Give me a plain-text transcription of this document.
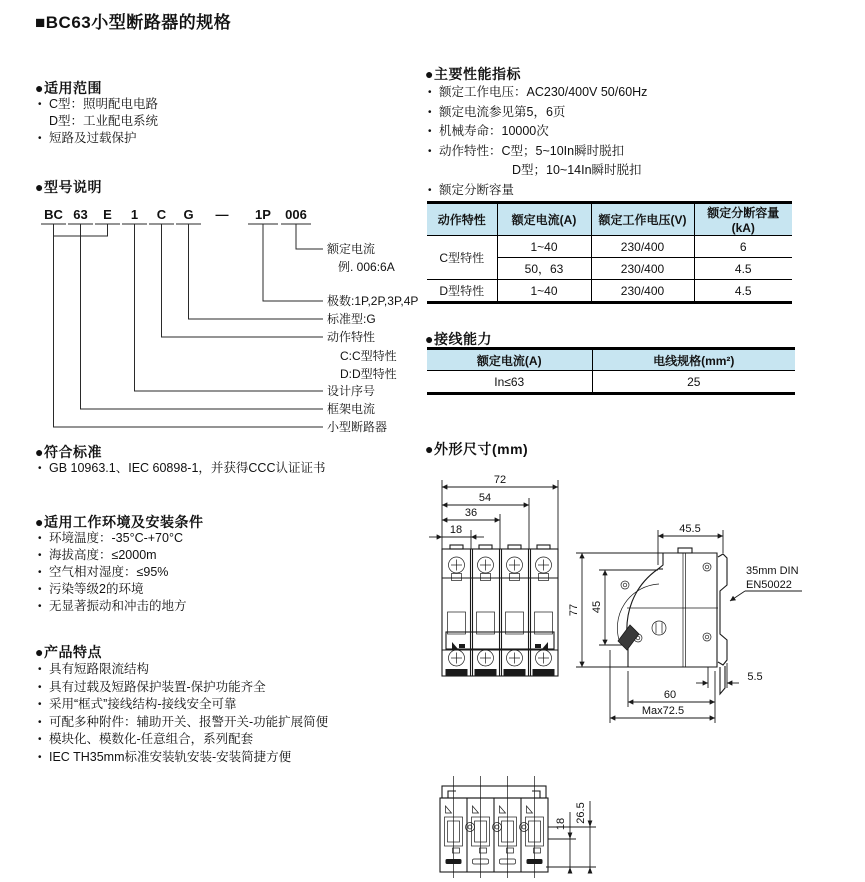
■BC63小型断路器的规格
●适用范围
• C型：照明配电电路
D型：工业配电系统
• 短路及过载保护
●型号说明
BC 63 E 1 C G — 1P 006
额定电流
例. 006:6A
极数:1P,2P,3P,4P
标准型:G
动作特性
C:C型特性
D:D型特性
设计序号
框架电流
小型断路器
●符合标准
• GB 10963.1、IEC 60898-1，并获得CCC认证证书
●适用工作环境及安装条件
• 环境温度：-35°C-+70°C
• 海拔高度：≤2000m
• 空气相对湿度：≤95%
• 污染等级2的环境
• 无显著振动和冲击的地方
●产品特点
• 具有短路限流结构
• 具有过载及短路保护装置-保护功能齐全
• 采用“框式”接线结构-接线安全可靠
• 可配多种附件：辅助开关、报警开关-功能扩展简便
• 模块化、模数化-任意组合，系列配套
• IEC TH35mm标准安装轨安装-安装简捷方便
●主要性能指标
• 额定工作电压：AC230/400V 50/60Hz
• 额定电流参见第5，6页
• 机械寿命：10000次
• 动作特性：C型；5~10In瞬时脱扣
D型；10~14In瞬时脱扣
• 额定分断容量
动作特性	额定电流(A)	额定工作电压(V)	额定分断容量(kA)
C型特性	1~40	230/400	6
	50，63	230/400	4.5
D型特性	1~40	230/400	4.5
●接线能力
额定电流(A)	电线规格(mm²)
In≤63	25
●外形尺寸(mm)
72
54
36
18	45.5
77 45
5.5
60
Max72.5
35mm DIN
EN50022
18
26.5
